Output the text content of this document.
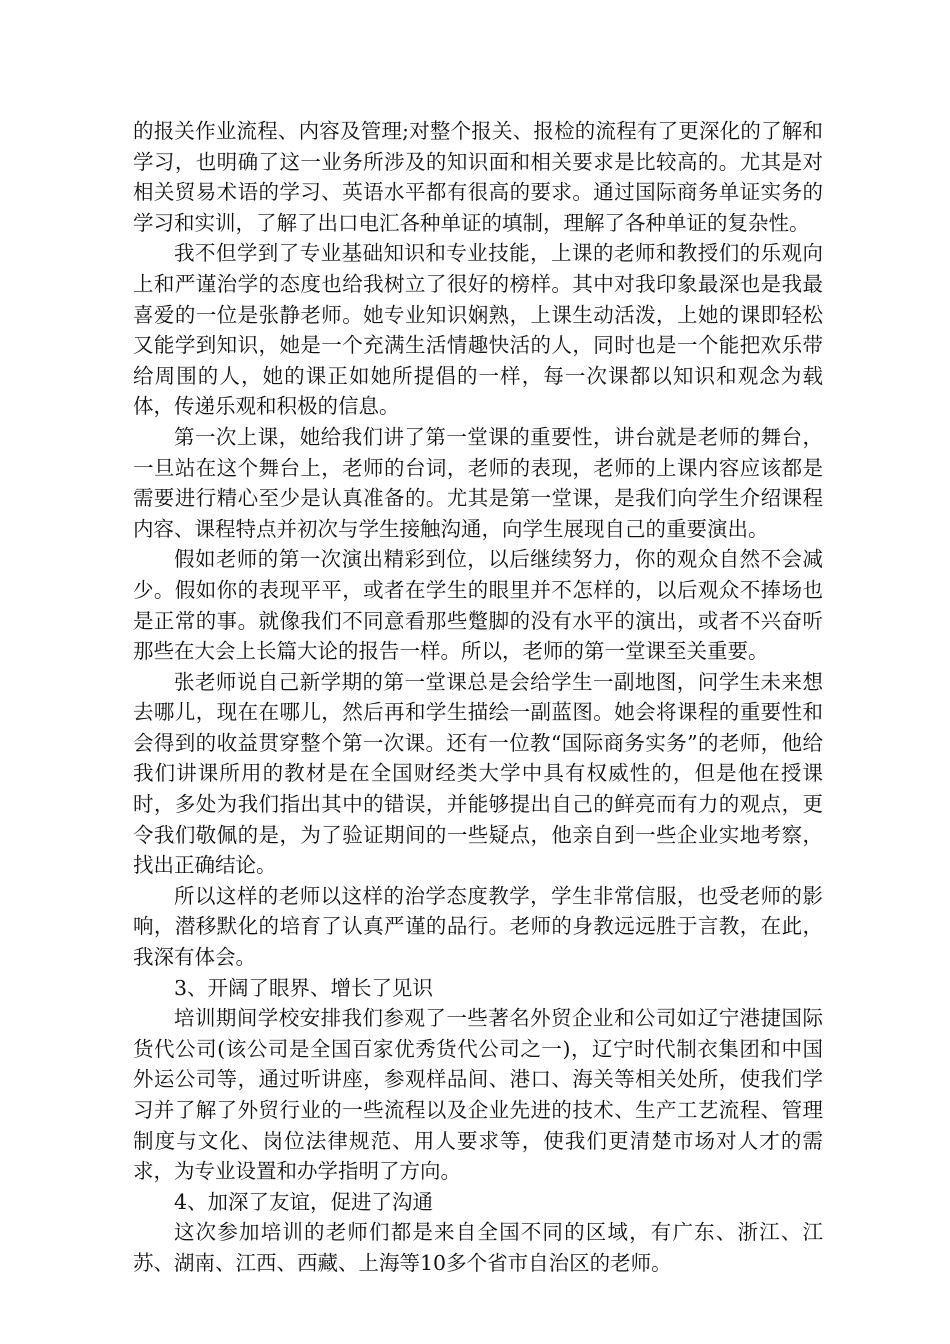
的报关作业流程、内容及管理;对整个报关、报检的流程有了更深化的了解和学习，也明确了这一业务所涉及的知识面和相关要求是比较高的。尤其是对相关贸易术语的学习、英语水平都有很高的要求。通过国际商务单证实务的学习和实训，了解了出口电汇各种单证的填制，理解了各种单证的复杂性。

我不但学到了专业基础知识和专业技能，上课的老师和教授们的乐观向上和严谨治学的态度也给我树立了很好的榜样。其中对我印象最深也是我最喜爱的一位是张静老师。她专业知识娴熟，上课生动活泼，上她的课即轻松又能学到知识，她是一个充满生活情趣快活的人，同时也是一个能把欢乐带给周围的人，她的课正如她所提倡的一样，每一次课都以知识和观念为载体，传递乐观和积极的信息。

第一次上课，她给我们讲了第一堂课的重要性，讲台就是老师的舞台，一旦站在这个舞台上，老师的台词，老师的表现，老师的上课内容应该都是需要进行精心至少是认真准备的。尤其是第一堂课，是我们向学生介绍课程内容、课程特点并初次与学生接触沟通，向学生展现自己的重要演出。

假如老师的第一次演出精彩到位，以后继续努力，你的观众自然不会减少。假如你的表现平平，或者在学生的眼里并不怎样的，以后观众不捧场也是正常的事。就像我们不同意看那些蹩脚的没有水平的演出，或者不兴奋听那些在大会上长篇大论的报告一样。所以，老师的第一堂课至关重要。

张老师说自己新学期的第一堂课总是会给学生一副地图，问学生未来想去哪儿，现在在哪儿，然后再和学生描绘一副蓝图。她会将课程的重要性和会得到的收益贯穿整个第一次课。还有一位教“国际商务实务”的老师，他给我们讲课所用的教材是在全国财经类大学中具有权威性的，但是他在授课时，多处为我们指出其中的错误，并能够提出自己的鲜亮而有力的观点，更令我们敬佩的是，为了验证期间的一些疑点，他亲自到一些企业实地考察，找出正确结论。

所以这样的老师以这样的治学态度教学，学生非常信服，也受老师的影响，潜移默化的培育了认真严谨的品行。老师的身教远远胜于言教，在此，我深有体会。

3、开阔了眼界、增长了见识

培训期间学校安排我们参观了一些著名外贸企业和公司如辽宁港捷国际货代公司(该公司是全国百家优秀货代公司之一)，辽宁时代制衣集团和中国外运公司等，通过听讲座，参观样品间、港口、海关等相关处所，使我们学习并了解了外贸行业的一些流程以及企业先进的技术、生产工艺流程、管理制度与文化、岗位法律规范、用人要求等，使我们更清楚市场对人才的需求，为专业设置和办学指明了方向。

4、加深了友谊，促进了沟通

这次参加培训的老师们都是来自全国不同的区域，有广东、浙江、江苏、湖南、江西、西藏、上海等10多个省市自治区的老师。
